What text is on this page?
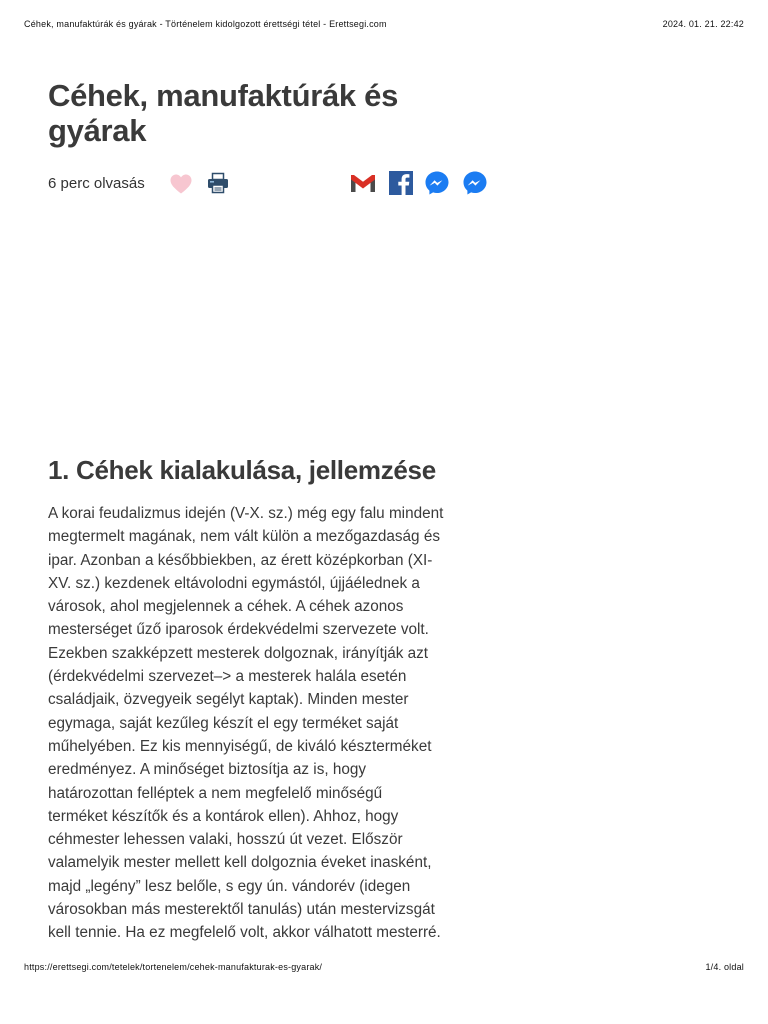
Céhek, manufaktúrák és gyárak - Történelem kidolgozott érettségi tétel - Erettsegi.com	2024. 01. 21. 22:42
Céhek, manufaktúrák és gyárak
6 perc olvasás
1. Céhek kialakulása, jellemzése

A korai feudalizmus idején (V-X. sz.) még egy falu mindent
megtermelt magának, nem vált külön a mezőgazdaság és
ipar. Azonban a későbbiekben, az érett középkorban (XI-
XV. sz.) kezdenek eltávolodni egymástól, újjáélednek a
városok, ahol megjelennek a céhek. A céhek azonos
mesterséget űző iparosok érdekvédelmi szervezete volt.
Ezekben szakképzett mesterek dolgoznak, irányítják azt
(érdekvédelmi szervezet–> a mesterek halála esetén
családjaik, özvegyeik segélyt kaptak). Minden mester
egymaga, saját kezűleg készít el egy terméket saját
műhelyében. Ez kis mennyiségű, de kiváló készterméket
eredményez. A minőséget biztosítja az is, hogy
határozottan felléptek a nem megfelelő minőségű
terméket készítők és a kontárok ellen). Ahhoz, hogy
céhmester lehessen valaki, hosszú út vezet. Először
valamelyik mester mellett kell dolgoznia éveket inasként,
majd „legény” lesz belőle, s egy ún. vándorév (idegen
városokban más mesterektől tanulás) után mestervizsgát
kell tennie. Ha ez megfelelő volt, akkor válhatott mesterré.

https://erettsegi.com/tetelek/tortenelem/cehek-manufakturak-es-gyarak/	1/4. oldal
